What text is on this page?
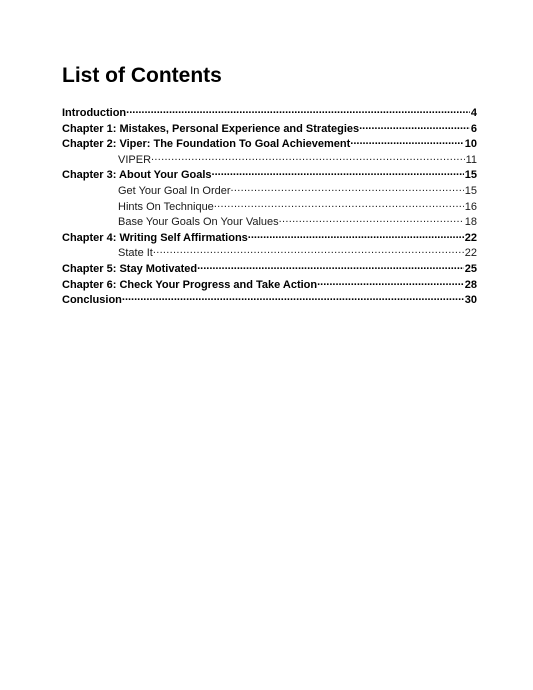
List of Contents
Introduction .....	4
Chapter 1: Mistakes, Personal Experience and Strategies .....	6
Chapter 2: Viper: The Foundation To Goal Achievement .....	10
VIPER .....	11
Chapter 3: About Your Goals .....	15
Get Your Goal In Order .....	15
Hints On Technique .....	16
Base Your Goals On Your Values .....	18
Chapter 4: Writing Self Affirmations .....	22
State It .....	22
Chapter 5: Stay Motivated .....	25
Chapter 6: Check Your Progress and Take Action .....	28
Conclusion .....	30
